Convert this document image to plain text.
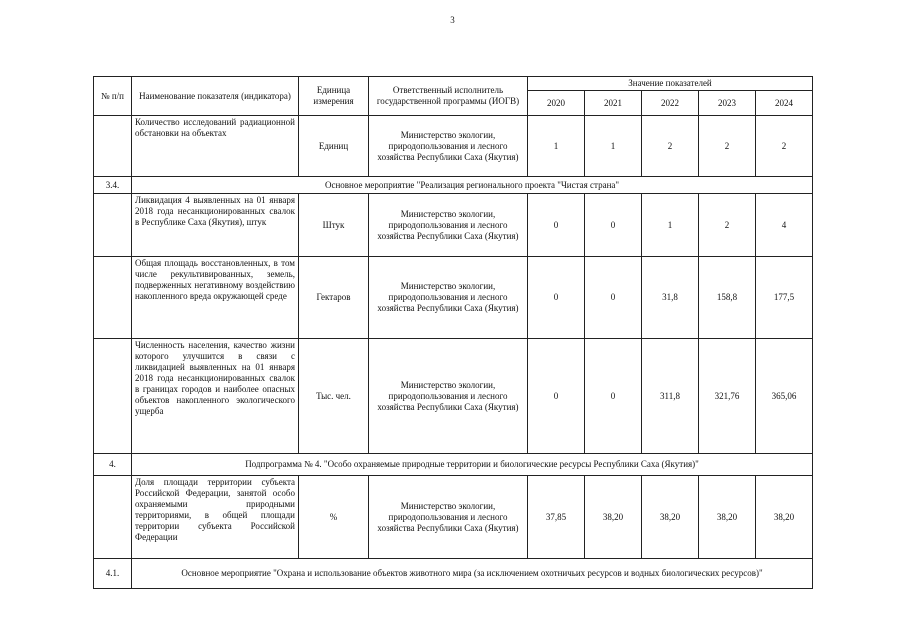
3
№ п/п	Наименование показателя (индикатора)	Единица измерения	Ответственный исполнитель государственной программы (ИОГВ)	Значение показателей				
				2020	2021	2022	2023	2024
	Количество исследований радиационной обстановки на объектах	Единиц	Министерство экологии, природопользования и лесного хозяйства Республики Саха (Якутия)	1	1	2	2	2
3.4.	Основное мероприятие "Реализация регионального проекта "Чистая страна"							
	Ликвидация 4 выявленных на 01 января 2018 года несанкционированных свалок в Республике Саха (Якутия), штук	Штук	Министерство экологии, природопользования и лесного хозяйства Республики Саха (Якутия)	0	0	1	2	4
	Общая площадь восстановленных, в том числе рекультивированных, земель, подверженных негативному воздействию накопленного вреда окружающей среде	Гектаров	Министерство экологии, природопользования и лесного хозяйства Республики Саха (Якутия)	0	0	31,8	158,8	177,5
	Численность населения, качество жизни которого улучшится в связи с ликвидацией выявленных на 01 января 2018 года несанкционированных свалок в границах городов и наиболее опасных объектов накопленного экологического ущерба	Тыс. чел.	Министерство экологии, природопользования и лесного хозяйства Республики Саха (Якутия)	0	0	311,8	321,76	365,06
4.	Подпрограмма № 4. "Особо охраняемые природные территории и биологические ресурсы Республики Саха (Якутия)"							
	Доля площади территории субъекта Российской Федерации, занятой особо охраняемыми природными территориями, в общей площади территории субъекта Российской Федерации	%	Министерство экологии, природопользования и лесного хозяйства Республики Саха (Якутия)	37,85	38,20	38,20	38,20	38,20
4.1.	Основное мероприятие "Охрана и использование объектов животного мира (за исключением охотничьих ресурсов и водных биологических ресурсов)"							
